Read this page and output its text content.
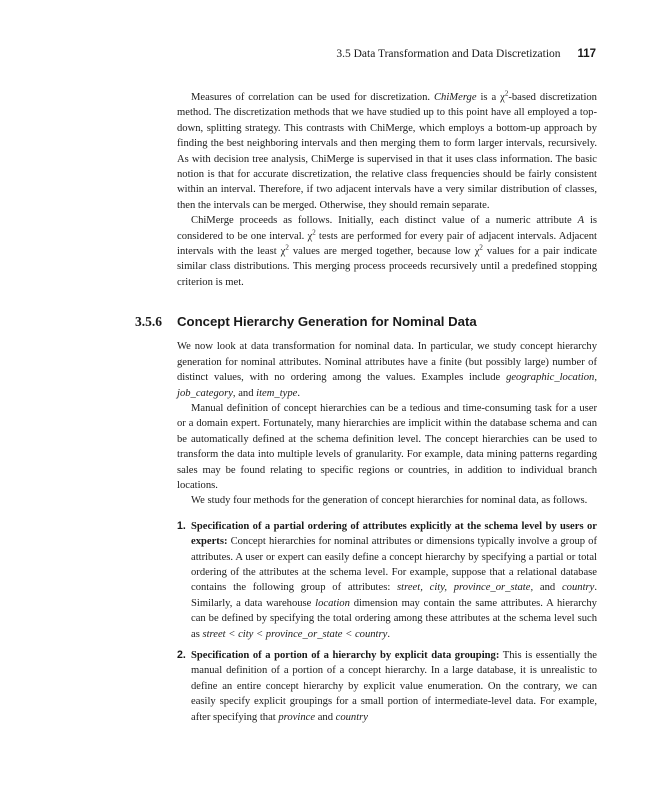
3.5 Data Transformation and Data Discretization 117

Measures of correlation can be used for discretization. ChiMerge is a $\chi^2$-based discretization method. The discretization methods that we have studied up to this point have all employed a top-down, splitting strategy. This contrasts with ChiMerge, which employs a bottom-up approach by finding the best neighboring intervals and then merging them to form larger intervals, recursively. As with decision tree analysis, ChiMerge is supervised in that it uses class information. The basic notion is that for accurate discretization, the relative class frequencies should be fairly consistent within an interval. Therefore, if two adjacent intervals have a very similar distribution of classes, then the intervals can be merged. Otherwise, they should remain separate.

ChiMerge proceeds as follows. Initially, each distinct value of a numeric attribute A is considered to be one interval. $\chi^2$ tests are performed for every pair of adjacent intervals. Adjacent intervals with the least $\chi^2$ values are merged together, because low $\chi^2$ values for a pair indicate similar class distributions. This merging process proceeds recursively until a predefined stopping criterion is met.

3.5.6 Concept Hierarchy Generation for Nominal Data

We now look at data transformation for nominal data. In particular, we study concept hierarchy generation for nominal attributes. Nominal attributes have a finite (but possibly large) number of distinct values, with no ordering among the values. Examples include geographic_location, job_category, and item_type.

Manual definition of concept hierarchies can be a tedious and time-consuming task for a user or a domain expert. Fortunately, many hierarchies are implicit within the database schema and can be automatically defined at the schema definition level. The concept hierarchies can be used to transform the data into multiple levels of granularity. For example, data mining patterns regarding sales may be found relating to specific regions or countries, in addition to individual branch locations.

We study four methods for the generation of concept hierarchies for nominal data, as follows.

1. Specification of a partial ordering of attributes explicitly at the schema level by users or experts: Concept hierarchies for nominal attributes or dimensions typically involve a group of attributes. A user or expert can easily define a concept hierarchy by specifying a partial or total ordering of the attributes at the schema level. For example, suppose that a relational database contains the following group of attributes: street, city, province_or_state, and country. Similarly, a data warehouse location dimension may contain the same attributes. A hierarchy can be defined by specifying the total ordering among these attributes at the schema level such as street < city < province_or_state < country.
2. Specification of a portion of a hierarchy by explicit data grouping: This is essentially the manual definition of a portion of a concept hierarchy. In a large database, it is unrealistic to define an entire concept hierarchy by explicit value enumeration. On the contrary, we can easily specify explicit groupings for a small portion of intermediate-level data. For example, after specifying that province and country
